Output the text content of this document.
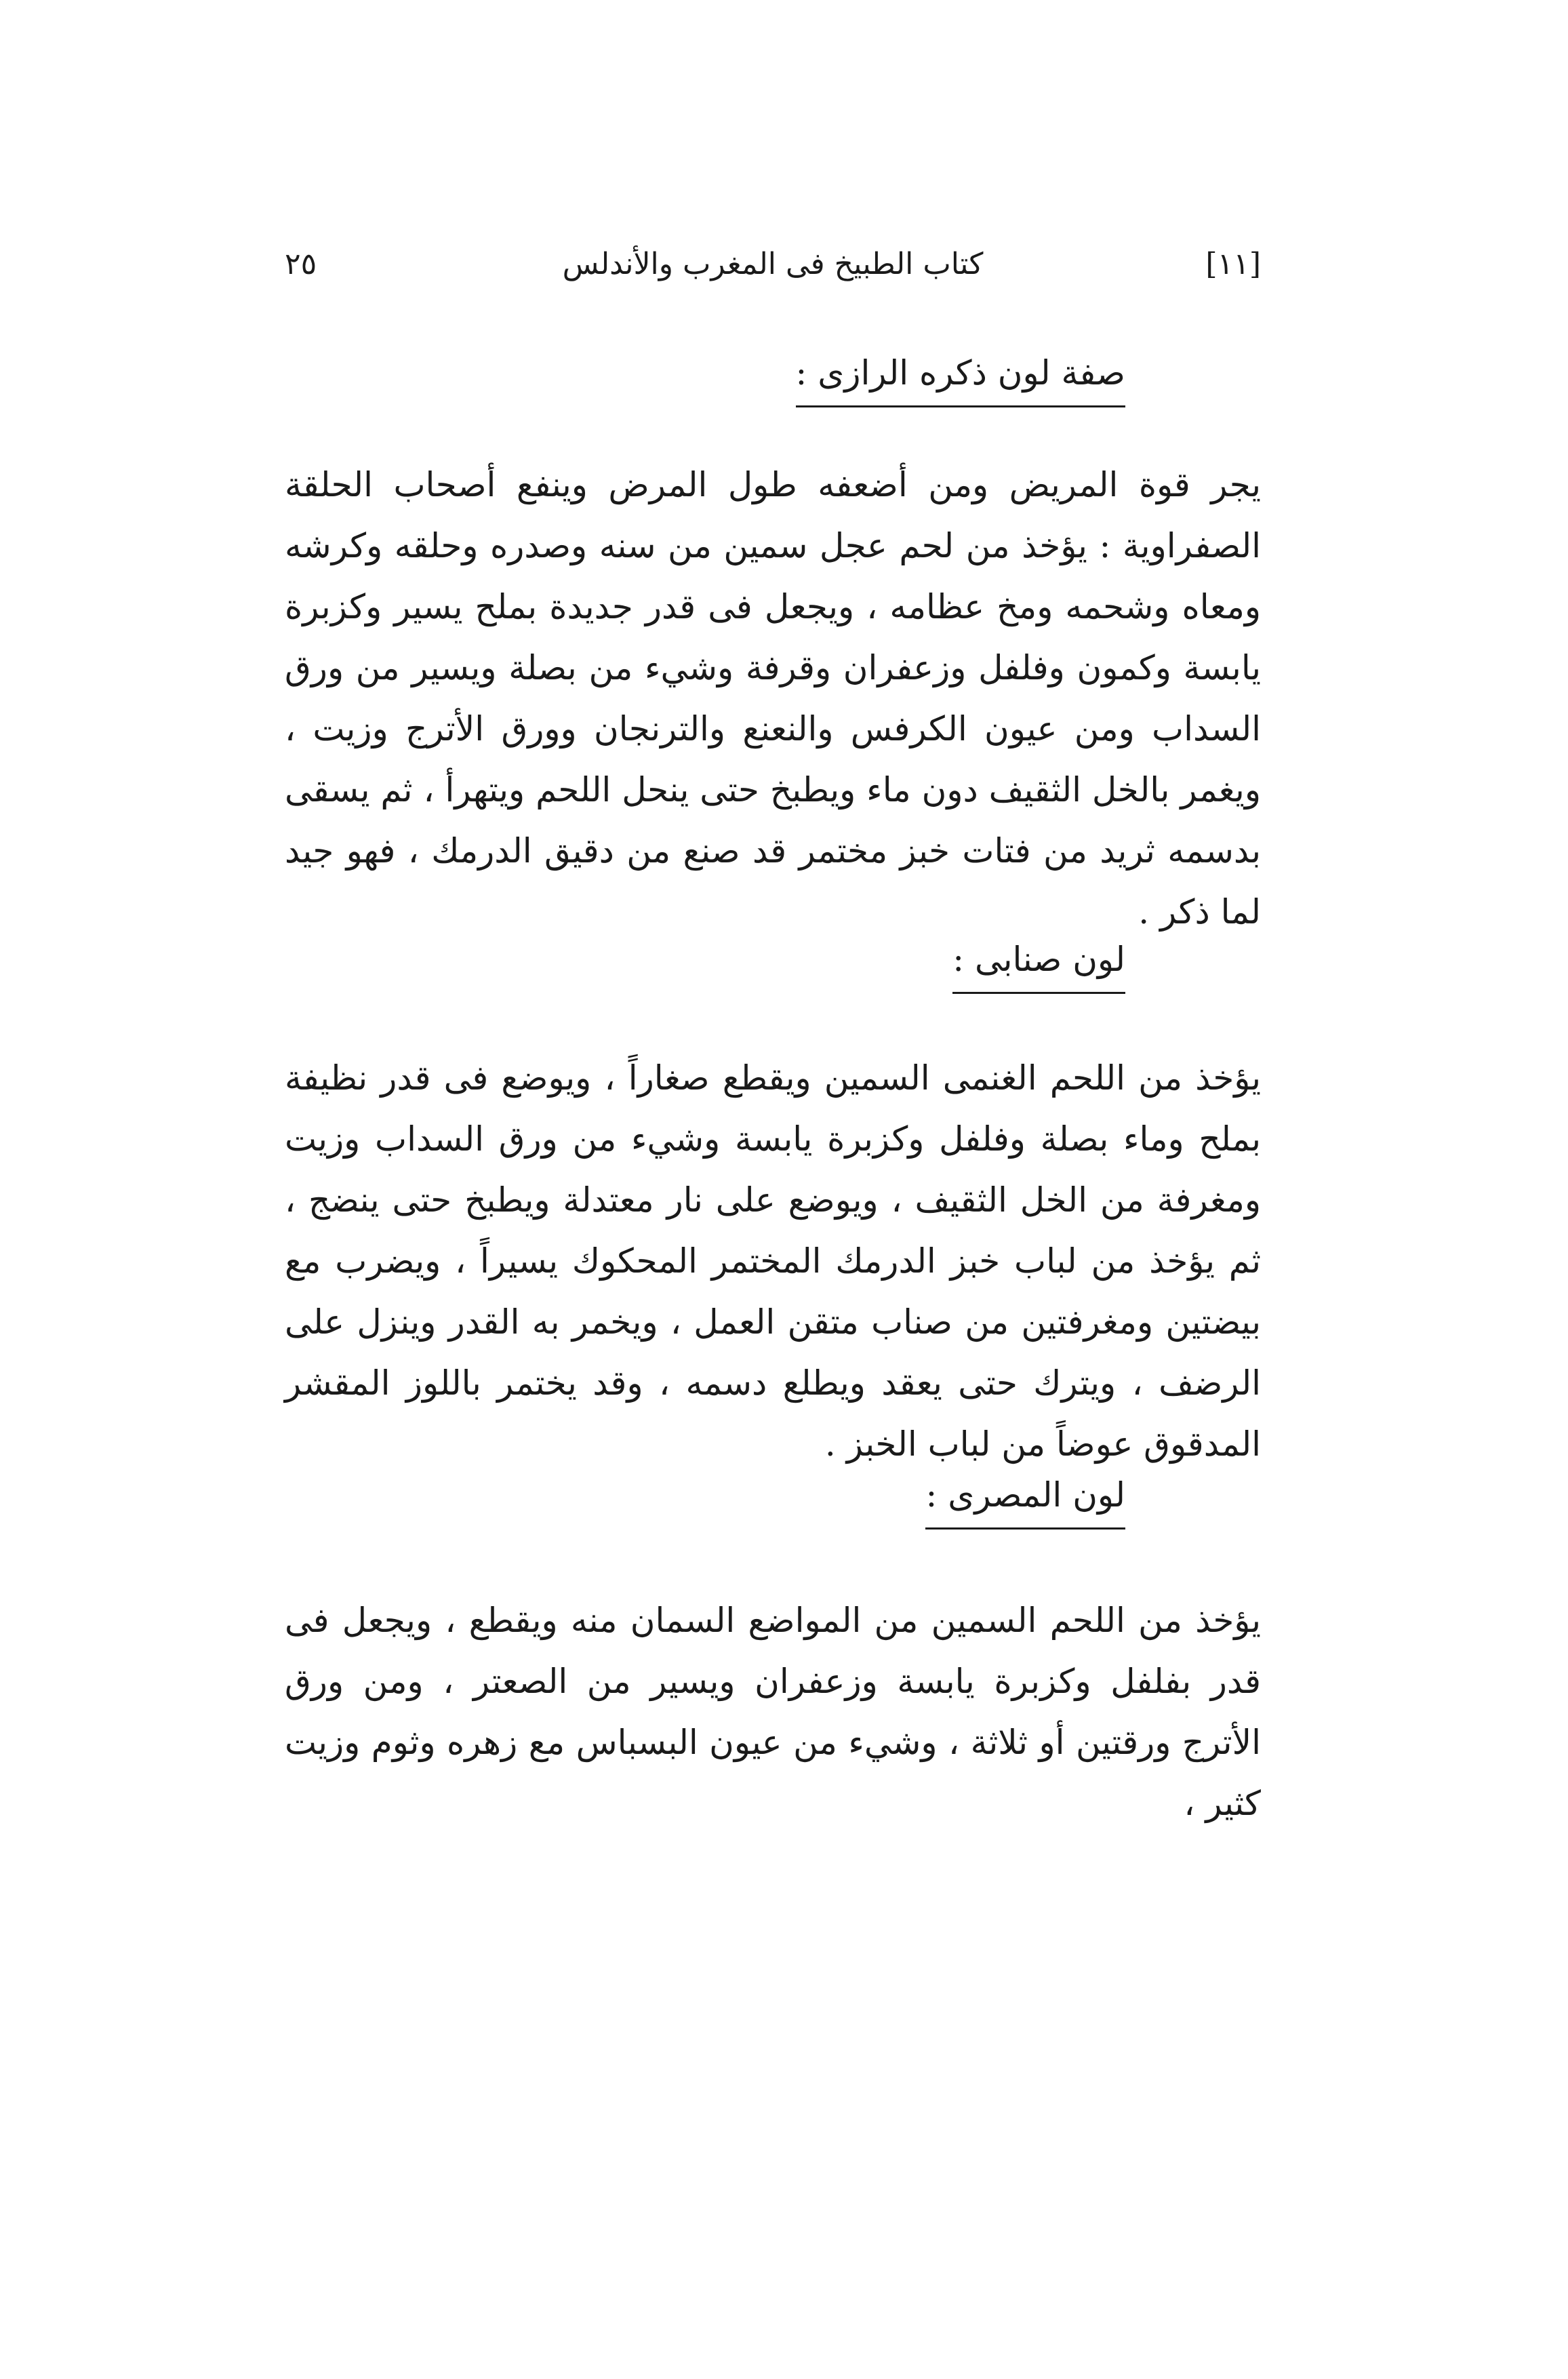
٢٥	كتاب الطبيخ فى المغرب والأندلس	[١١]
صفة لون ذكره الرازى :

يجر قوة المريض ومن أضعفه طول المرض وينفع أصحاب الحلقة الصفراوية : يؤخذ من لحم عجل سمين من سنه وصدره وحلقه وكرشه ومعاه وشحمه ومخ عظامه ، ويجعل فى قدر جديدة بملح يسير وكزبرة يابسة وكمون وفلفل وزعفران وقرفة وشيء من بصلة ويسير من ورق السداب ومن عيون الكرفس والنعنع والترنجان وورق الأترج وزيت ، ويغمر بالخل الثقيف دون ماء ويطبخ حتى ينحل اللحم ويتهرأ ، ثم يسقى بدسمه ثريد من فتات خبز مختمر قد صنع من دقيق الدرمك ، فهو جيد لما ذكر .

لون صنابى :

يؤخذ من اللحم الغنمى السمين ويقطع صغاراً ، ويوضع فى قدر نظيفة بملح وماء بصلة وفلفل وكزبرة يابسة وشيء من ورق السداب وزيت ومغرفة من الخل الثقيف ، ويوضع على نار معتدلة ويطبخ حتى ينضج ، ثم يؤخذ من لباب خبز الدرمك المختمر المحكوك يسيراً ، ويضرب مع بيضتين ومغرفتين من صناب متقن العمل ، ويخمر به القدر وينزل على الرضف ، ويترك حتى يعقد ويطلع دسمه ، وقد يختمر باللوز المقشر المدقوق عوضاً من لباب الخبز .

لون المصرى :

يؤخذ من اللحم السمين من المواضع السمان منه ويقطع ، ويجعل فى قدر بفلفل وكزبرة يابسة وزعفران ويسير من الصعتر ، ومن ورق الأترج ورقتين أو ثلاثة ، وشيء من عيون البسباس مع زهره وثوم وزيت كثير ،
